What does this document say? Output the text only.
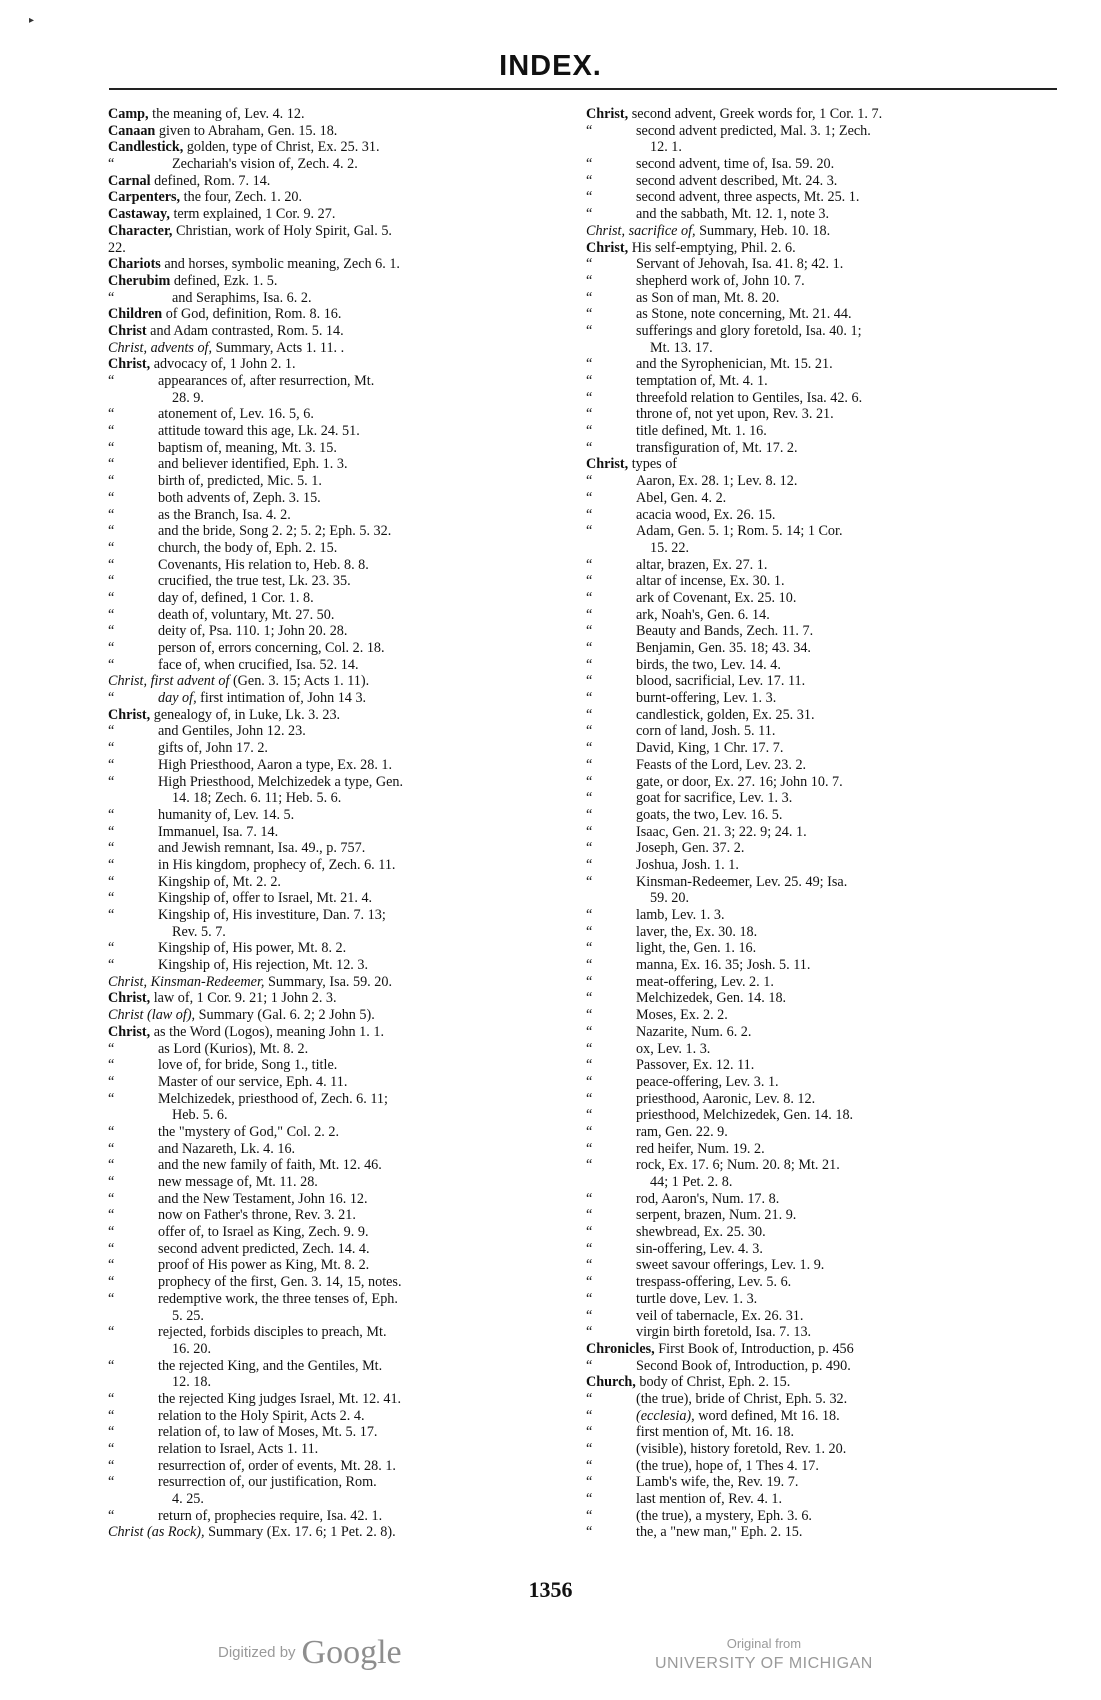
▸
INDEX.
Camp, the meaning of, Lev. 4. 12.
Canaan given to Abraham, Gen. 15. 18.
Candlestick, golden, type of Christ, Ex. 25. 31.
“	Zechariah's vision of, Zech. 4. 2.
Carnal defined, Rom. 7. 14.
Carpenters, the four, Zech. 1. 20.
Castaway, term explained, 1 Cor. 9. 27.
Character, Christian, work of Holy Spirit, Gal. 5.
22.
Chariots and horses, symbolic meaning, Zech 6. 1.
Cherubim defined, Ezk. 1. 5.
“	and Seraphims, Isa. 6. 2.
Children of God, definition, Rom. 8. 16.
Christ and Adam contrasted, Rom. 5. 14.
Christ, advents of, Summary, Acts 1. 11. .
Christ, advocacy of, 1 John 2. 1.
“	appearances of, after resurrection, Mt.
28. 9.
“	atonement of, Lev. 16. 5, 6.
“	attitude toward this age, Lk. 24. 51.
“	baptism of, meaning, Mt. 3. 15.
“	and believer identified, Eph. 1. 3.
“	birth of, predicted, Mic. 5. 1.
“	both advents of, Zeph. 3. 15.
“	as the Branch, Isa. 4. 2.
“	and the bride, Song 2. 2; 5. 2; Eph. 5. 32.
“	church, the body of, Eph. 2. 15.
“	Covenants, His relation to, Heb. 8. 8.
“	crucified, the true test, Lk. 23. 35.
“	day of, defined, 1 Cor. 1. 8.
“	death of, voluntary, Mt. 27. 50.
“	deity of, Psa. 110. 1; John 20. 28.
“	person of, errors concerning, Col. 2. 18.
“	face of, when crucified, Isa. 52. 14.
Christ, first advent of (Gen. 3. 15; Acts 1. 11).
“	day of, first intimation of, John 14 3.
Christ, genealogy of, in Luke, Lk. 3. 23.
“	and Gentiles, John 12. 23.
“	gifts of, John 17. 2.
“	High Priesthood, Aaron a type, Ex. 28. 1.
“	High Priesthood, Melchizedek a type, Gen.
14. 18; Zech. 6. 11; Heb. 5. 6.
“	humanity of, Lev. 14. 5.
“	Immanuel, Isa. 7. 14.
“	and Jewish remnant, Isa. 49., p. 757.
“	in His kingdom, prophecy of, Zech. 6. 11.
“	Kingship of, Mt. 2. 2.
“	Kingship of, offer to Israel, Mt. 21. 4.
“	Kingship of, His investiture, Dan. 7. 13;
Rev. 5. 7.
“	Kingship of, His power, Mt. 8. 2.
“	Kingship of, His rejection, Mt. 12. 3.
Christ, Kinsman-Redeemer, Summary, Isa. 59. 20.
Christ, law of, 1 Cor. 9. 21; 1 John 2. 3.
Christ (law of), Summary (Gal. 6. 2; 2 John 5).
Christ, as the Word (Logos), meaning John 1. 1.
“	as Lord (Kurios), Mt. 8. 2.
“	love of, for bride, Song 1., title.
“	Master of our service, Eph. 4. 11.
“	Melchizedek, priesthood of, Zech. 6. 11;
Heb. 5. 6.
“	the "mystery of God," Col. 2. 2.
“	and Nazareth, Lk. 4. 16.
“	and the new family of faith, Mt. 12. 46.
“	new message of, Mt. 11. 28.
“	and the New Testament, John 16. 12.
“	now on Father's throne, Rev. 3. 21.
“	offer of, to Israel as King, Zech. 9. 9.
“	second advent predicted, Zech. 14. 4.
“	proof of His power as King, Mt. 8. 2.
“	prophecy of the first, Gen. 3. 14, 15, notes.
“	redemptive work, the three tenses of, Eph.
5. 25.
“	rejected, forbids disciples to preach, Mt.
16. 20.
“	the rejected King, and the Gentiles, Mt.
12. 18.
“	the rejected King judges Israel, Mt. 12. 41.
“	relation to the Holy Spirit, Acts 2. 4.
“	relation of, to law of Moses, Mt. 5. 17.
“	relation to Israel, Acts 1. 11.
“	resurrection of, order of events, Mt. 28. 1.
“	resurrection of, our justification, Rom.
4. 25.
“	return of, prophecies require, Isa. 42. 1.
Christ (as Rock), Summary (Ex. 17. 6; 1 Pet. 2. 8).
Christ, second advent, Greek words for, 1 Cor. 1. 7.
“	second advent predicted, Mal. 3. 1; Zech.
12. 1.
“	second advent, time of, Isa. 59. 20.
“	second advent described, Mt. 24. 3.
“	second advent, three aspects, Mt. 25. 1.
“	and the sabbath, Mt. 12. 1, note 3.
Christ, sacrifice of, Summary, Heb. 10. 18.
Christ, His self-emptying, Phil. 2. 6.
“	Servant of Jehovah, Isa. 41. 8; 42. 1.
“	shepherd work of, John 10. 7.
“	as Son of man, Mt. 8. 20.
“	as Stone, note concerning, Mt. 21. 44.
“	sufferings and glory foretold, Isa. 40. 1;
Mt. 13. 17.
“	and the Syrophenician, Mt. 15. 21.
“	temptation of, Mt. 4. 1.
“	threefold relation to Gentiles, Isa. 42. 6.
“	throne of, not yet upon, Rev. 3. 21.
“	title defined, Mt. 1. 16.
“	transfiguration of, Mt. 17. 2.
Christ, types of
“	Aaron, Ex. 28. 1; Lev. 8. 12.
“	Abel, Gen. 4. 2.
“	acacia wood, Ex. 26. 15.
“	Adam, Gen. 5. 1; Rom. 5. 14; 1 Cor.
15. 22.
“	altar, brazen, Ex. 27. 1.
“	altar of incense, Ex. 30. 1.
“	ark of Covenant, Ex. 25. 10.
“	ark, Noah's, Gen. 6. 14.
“	Beauty and Bands, Zech. 11. 7.
“	Benjamin, Gen. 35. 18; 43. 34.
“	birds, the two, Lev. 14. 4.
“	blood, sacrificial, Lev. 17. 11.
“	burnt-offering, Lev. 1. 3.
“	candlestick, golden, Ex. 25. 31.
“	corn of land, Josh. 5. 11.
“	David, King, 1 Chr. 17. 7.
“	Feasts of the Lord, Lev. 23. 2.
“	gate, or door, Ex. 27. 16; John 10. 7.
“	goat for sacrifice, Lev. 1. 3.
“	goats, the two, Lev. 16. 5.
“	Isaac, Gen. 21. 3; 22. 9; 24. 1.
“	Joseph, Gen. 37. 2.
“	Joshua, Josh. 1. 1.
“	Kinsman-Redeemer, Lev. 25. 49; Isa.
59. 20.
“	lamb, Lev. 1. 3.
“	laver, the, Ex. 30. 18.
“	light, the, Gen. 1. 16.
“	manna, Ex. 16. 35; Josh. 5. 11.
“	meat-offering, Lev. 2. 1.
“	Melchizedek, Gen. 14. 18.
“	Moses, Ex. 2. 2.
“	Nazarite, Num. 6. 2.
“	ox, Lev. 1. 3.
“	Passover, Ex. 12. 11.
“	peace-offering, Lev. 3. 1.
“	priesthood, Aaronic, Lev. 8. 12.
“	priesthood, Melchizedek, Gen. 14. 18.
“	ram, Gen. 22. 9.
“	red heifer, Num. 19. 2.
“	rock, Ex. 17. 6; Num. 20. 8; Mt. 21.
44; 1 Pet. 2. 8.
“	rod, Aaron's, Num. 17. 8.
“	serpent, brazen, Num. 21. 9.
“	shewbread, Ex. 25. 30.
“	sin-offering, Lev. 4. 3.
“	sweet savour offerings, Lev. 1. 9.
“	trespass-offering, Lev. 5. 6.
“	turtle dove, Lev. 1. 3.
“	veil of tabernacle, Ex. 26. 31.
“	virgin birth foretold, Isa. 7. 13.
Chronicles, First Book of, Introduction, p. 456
“	Second Book of, Introduction, p. 490.
Church, body of Christ, Eph. 2. 15.
“	(the true), bride of Christ, Eph. 5. 32.
“	(ecclesia), word defined, Mt 16. 18.
“	first mention of, Mt. 16. 18.
“	(visible), history foretold, Rev. 1. 20.
“	(the true), hope of, 1 Thes 4. 17.
“	Lamb's wife, the, Rev. 19. 7.
“	last mention of, Rev. 4. 1.
“	(the true), a mystery, Eph. 3. 6.
“	the, a "new man," Eph. 2. 15.
1356
Digitized by Google	Original from
UNIVERSITY OF MICHIGAN
